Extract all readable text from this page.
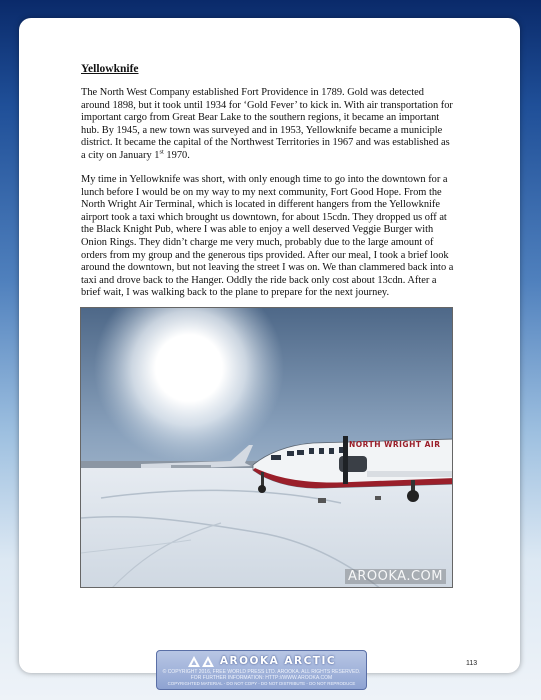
Yellowknife
The North West Company established Fort Providence in 1789. Gold was detected
around 1898, but it took until 1934 for ‘Gold Fever’ to kick in. With air transportation for
important cargo from Great Bear Lake to the southern regions, it became an important
hub. By 1945, a new town was surveyed and in 1953, Yellowknife became a municiple
district. It became the capital of the Northwest Territories in 1967 and was established as
a city on January 1st 1970.
My time in Yellowknife was short, with only enough time to go into the downtown for a
lunch before I would be on my way to my next community, Fort Good Hope. From the
North Wright Air Terminal, which is located in different hangers from the Yellowknife
airport took a taxi which brought us downtown, for about 15cdn. They dropped us off at
the Black Knight Pub, where I was able to enjoy a well deserved Veggie Burger with
Onion Rings. They didn’t charge me very much, probably due to the large amount of
orders from my group and the generous tips provided. After our meal, I took a brief look
around the downtown, but not leaving the street I was on. We than clammered back into a
taxi and drove back to the Hanger. Oddly the ride back only cost about 13cdn. After a
brief wait, I was walking back to the plane to prepare for the next journey.
NORTH WRIGHT AIR
AROOKA.COM
113
AROOKA ARCTIC
© COPYRIGHT 2016, FREE WORLD PRESS LTD. AROOKA. ALL RIGHTS RESERVED.
FOR FURTHER INFORMATION: HTTP://WWW.AROOKA.COM
COPYRIGHTED MATERIAL - DO NOT COPY - DO NOT DISTRIBUTE - DO NOT REPRODUCE
